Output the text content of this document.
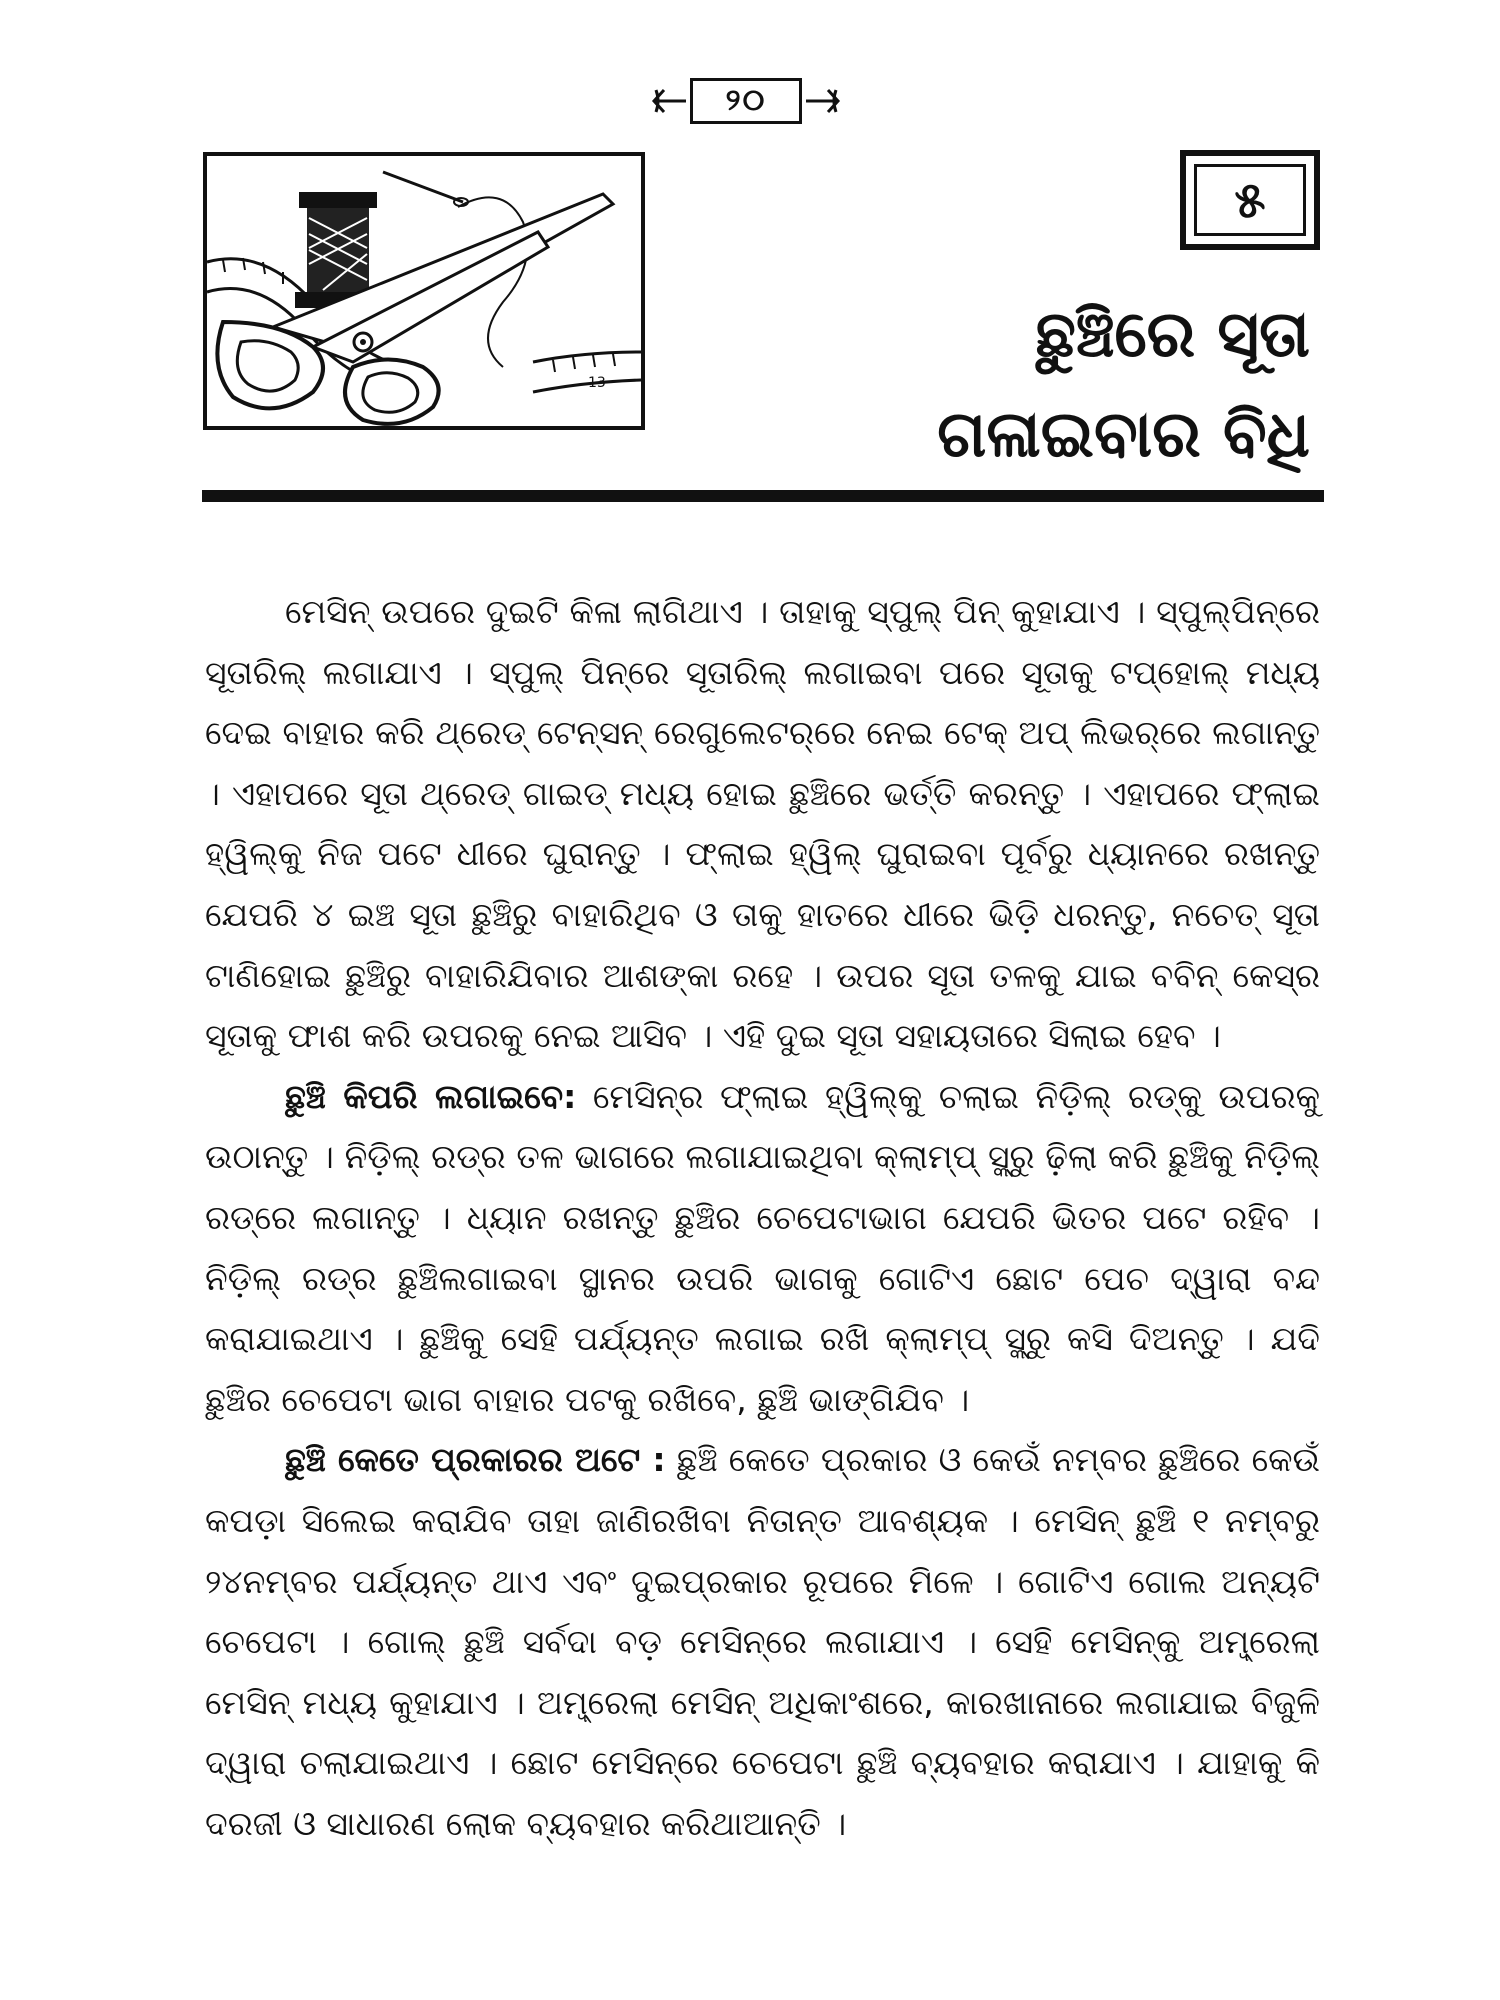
୨୦
13
୫
ଛୁଞ୍ଚିରେ ସୂତା
ଗଳାଇବାର ବିଧି

ମେସିନ୍ ଉପରେ ଦୁଇଟି କିଳା ଲାଗିଥାଏ । ତାହାକୁ ସ୍ପୁଲ୍ ପିନ୍ କୁହାଯାଏ । ସ୍ପୁଲ୍‌ପିନ୍‌ରେ ସୂତାରିଲ୍ ଲଗାଯାଏ । ସ୍ପୁଲ୍ ପିନ୍‌ରେ ସୂତାରିଲ୍ ଲଗାଇବା ପରେ ସୂତାକୁ ଟପ୍‌ହୋଲ୍ ମଧ୍ୟ ଦେଇ ବାହାର କରି ଥ୍ରେଡ୍ ଟେନ୍‌ସନ୍ ରେଗୁଲେଟର୍‌ରେ ନେଇ ଟେକ୍ ଅପ୍ ଲିଭର୍‌ରେ ଲଗାନ୍ତୁ । ଏହାପରେ ସୂତା ଥ୍ରେଡ୍ ଗାଇଡ୍ ମଧ୍ୟ ହୋଇ ଛୁଞ୍ଚିରେ ଭର୍ତ୍ତି କରନ୍ତୁ । ଏହାପରେ ଫ୍ଲାଇ ହ୍ୱିଲ୍‌କୁ ନିଜ ପଟେ ଧୀରେ ଘୁରାନ୍ତୁ । ଫ୍ଲାଇ ହ୍ୱିଲ୍ ଘୁରାଇବା ପୂର୍ବରୁ ଧ୍ୟାନରେ ରଖନ୍ତୁ ଯେପରି ୪ ଇଞ୍ଚ ସୂତା ଛୁଞ୍ଚିରୁ ବାହାରିଥିବ ଓ ତାକୁ ହାତରେ ଧୀରେ ଭିଡ଼ି ଧରନ୍ତୁ, ନଚେତ୍ ସୂତା ଟାଣିହୋଇ ଛୁଞ୍ଚିରୁ ବାହାରିଯିବାର ଆଶଙ୍କା ରହେ । ଉପର ସୂତା ତଳକୁ ଯାଇ ବବିନ୍ କେସ୍‌ର ସୂତାକୁ ଫାଶ କରି ଉପରକୁ ନେଇ ଆସିବ । ଏହି ଦୁଇ ସୂତା ସହାୟତାରେ ସିଲାଇ ହେବ ।

ଛୁଞ୍ଚି କିପରି ଲଗାଇବେ: ମେସିନ୍‌ର ଫ୍ଲାଇ ହ୍ୱିଲ୍‌କୁ ଚଲାଇ ନିଡ଼ିଲ୍ ରଡ୍‌କୁ ଉପରକୁ ଉଠାନ୍ତୁ । ନିଡ଼ିଲ୍ ରଡ୍‌ର ତଳ ଭାଗରେ ଲଗାଯାଇଥିବା କ୍ଲାମ୍ପ୍ ସ୍କ୍ରୁ ଢ଼ିଲା କରି ଛୁଞ୍ଚିକୁ ନିଡ଼ିଲ୍ ରଡ୍‌ରେ ଲଗାନ୍ତୁ । ଧ୍ୟାନ ରଖନ୍ତୁ ଛୁଞ୍ଚିର ଚେପେଟାଭାଗ ଯେପରି ଭିତର ପଟେ ରହିବ । ନିଡ଼ିଲ୍ ରଡ୍‌ର ଛୁଞ୍ଚିଲଗାଇବା ସ୍ଥାନର ଉପରି ଭାଗକୁ ଗୋଟିଏ ଛୋଟ ପେଚ ଦ୍ୱାରା ବନ୍ଦ କରାଯାଇଥାଏ । ଛୁଞ୍ଚିକୁ ସେହି ପର୍ଯ୍ୟନ୍ତ ଲଗାଇ ରଖି କ୍ଲାମ୍ପ୍ ସ୍କ୍ରୁ କସି ଦିଅନ୍ତୁ । ଯଦି ଛୁଞ୍ଚିର ଚେପେଟା ଭାଗ ବାହାର ପଟକୁ ରଖିବେ, ଛୁଞ୍ଚି ଭାଙ୍ଗିଯିବ ।

ଛୁଞ୍ଚି କେତେ ପ୍ରକାରର ଅଟେ : ଛୁଞ୍ଚି କେତେ ପ୍ରକାର ଓ କେଉଁ ନମ୍ବର ଛୁଞ୍ଚିରେ କେଉଁ କପଡ଼ା ସିଲେଇ କରାଯିବ ତାହା ଜାଣିରଖିବା ନିତାନ୍ତ ଆବଶ୍ୟକ । ମେସିନ୍ ଛୁଞ୍ଚି ୧ ନମ୍ବରୁ ୨୪ନମ୍ବର ପର୍ଯ୍ୟନ୍ତ ଥାଏ ଏବଂ ଦୁଇପ୍ରକାର ରୂପରେ ମିଳେ । ଗୋଟିଏ ଗୋଲ ଅନ୍ୟଟି ଚେପେଟା । ଗୋଲ୍ ଛୁଞ୍ଚି ସର୍ବଦା ବଡ଼ ମେସିନ୍‌ରେ ଲଗାଯାଏ । ସେହି ମେସିନ୍‌କୁ ଅମ୍ବ୍ରେଲା ମେସିନ୍ ମଧ୍ୟ କୁହାଯାଏ । ଅମ୍ବ୍ରେଲା ମେସିନ୍ ଅଧିକାଂଶରେ, କାରଖାନାରେ ଲଗାଯାଇ ବିଜୁଳି ଦ୍ୱାରା ଚଲାଯାଇଥାଏ । ଛୋଟ ମେସିନ୍‌ରେ ଚେପେଟା ଛୁଞ୍ଚି ବ୍ୟବହାର କରାଯାଏ । ଯାହାକୁ କି ଦରଜୀ ଓ ସାଧାରଣ ଲୋକ ବ୍ୟବହାର କରିଥାଆନ୍ତି ।
